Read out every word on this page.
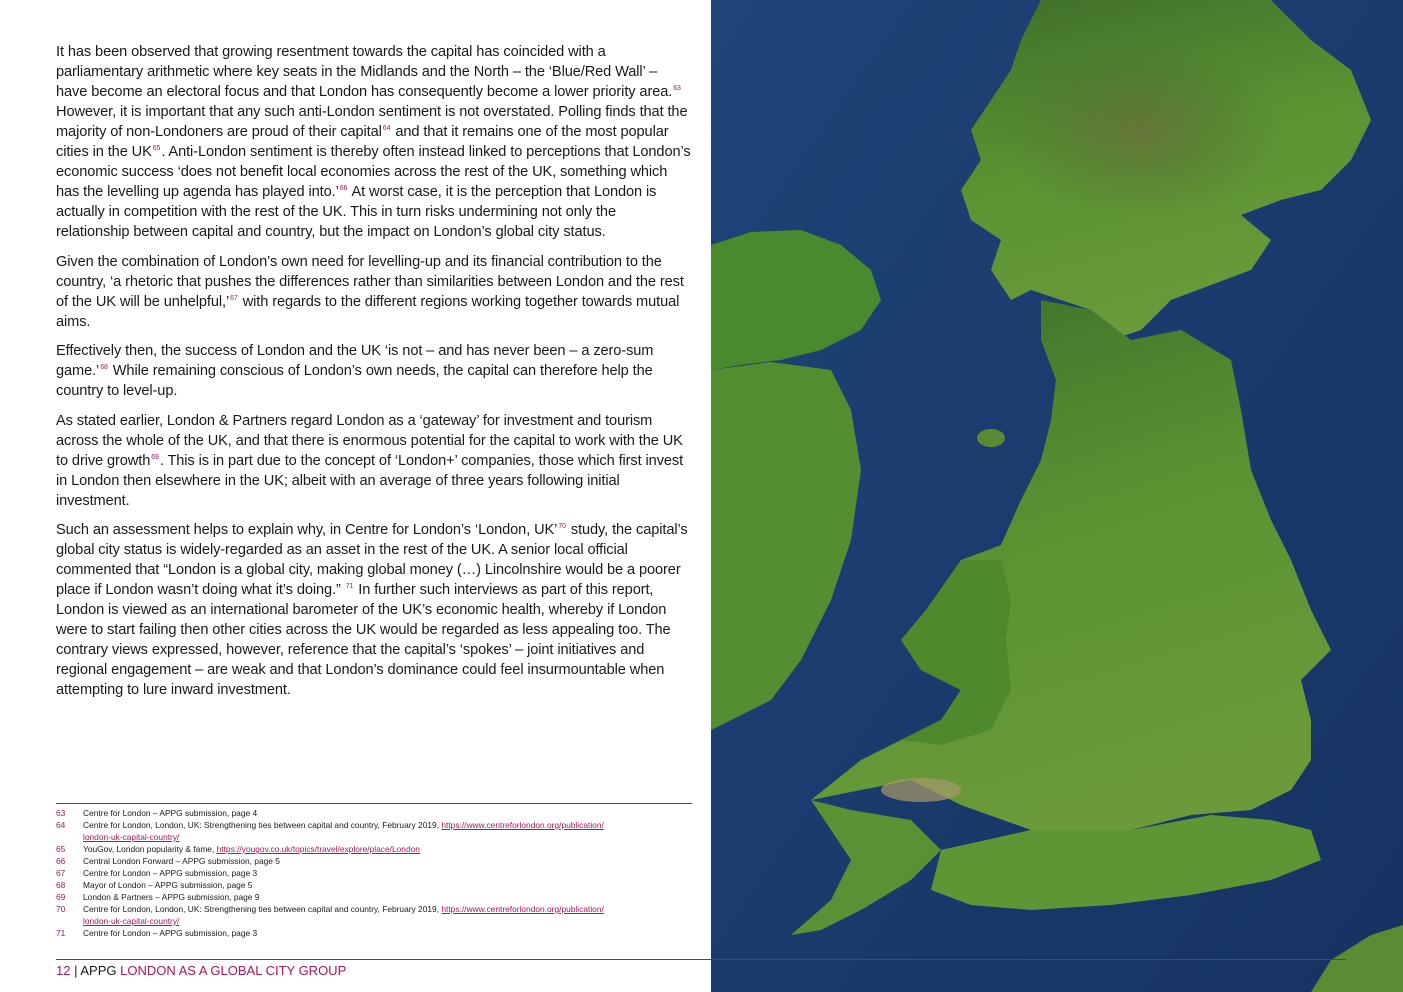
It has been observed that growing resentment towards the capital has coincided with a parliamentary arithmetic where key seats in the Midlands and the North – the ‘Blue/Red Wall’ – have become an electoral focus and that London has consequently become a lower priority area.$^{63}$ However, it is important that any such anti-London sentiment is not overstated. Polling finds that the majority of non-Londoners are proud of their capital$^{64}$ and that it remains one of the most popular cities in the UK$^{65}$. Anti-London sentiment is thereby often instead linked to perceptions that London’s economic success ‘does not benefit local economies across the rest of the UK, something which has the levelling up agenda has played into.’$^{66}$ At worst case, it is the perception that London is actually in competition with the rest of the UK. This in turn risks undermining not only the relationship between capital and country, but the impact on London’s global city status.

Given the combination of London’s own need for levelling-up and its financial contribution to the country, ‘a rhetoric that pushes the differences rather than similarities between London and the rest of the UK will be unhelpful,’$^{67}$ with regards to the different regions working together towards mutual aims.

Effectively then, the success of London and the UK ‘is not – and has never been – a zero-sum game.’$^{68}$ While remaining conscious of London’s own needs, the capital can therefore help the country to level-up.

As stated earlier, London & Partners regard London as a ‘gateway’ for investment and tourism across the whole of the UK, and that there is enormous potential for the capital to work with the UK to drive growth$^{69}$. This is in part due to the concept of ‘London+’ companies, those which first invest in London then elsewhere in the UK; albeit with an average of three years following initial investment.

Such an assessment helps to explain why, in Centre for London’s ‘London, UK’$^{70}$ study, the capital’s global city status is widely-regarded as an asset in the rest of the UK. A senior local official commented that “London is a global city, making global money (…) Lincolnshire would be a poorer place if London wasn’t doing what it’s doing.” $^{71}$ In further such interviews as part of this report, London is viewed as an international barometer of the UK’s economic health, whereby if London were to start failing then other cities across the UK would be regarded as less appealing too. The contrary views expressed, however, reference that the capital’s ‘spokes’ – joint initiatives and regional engagement – are weak and that London’s dominance could feel insurmountable when attempting to lure inward investment.

63	Centre for London – APPG submission, page 4
64	Centre for London, London, UK: Strengthening ties between capital and country, February 2019, https://www.centreforlondon.org/publication/
london-uk-capital-country/
65	YouGov, London popularity & fame, https://yougov.co.uk/topics/travel/explore/place/London
66	Central London Forward – APPG submission, page 5
67	Centre for London – APPG submission, page 3
68	Mayor of London – APPG submission, page 5
69	London & Partners – APPG submission, page 9
70	Centre for London, London, UK: Strengthening ties between capital and country, February 2019, https://www.centreforlondon.org/publication/
london-uk-capital-country/
71	Centre for London – APPG submission, page 3
12 | APPG LONDON AS A GLOBAL CITY GROUP
